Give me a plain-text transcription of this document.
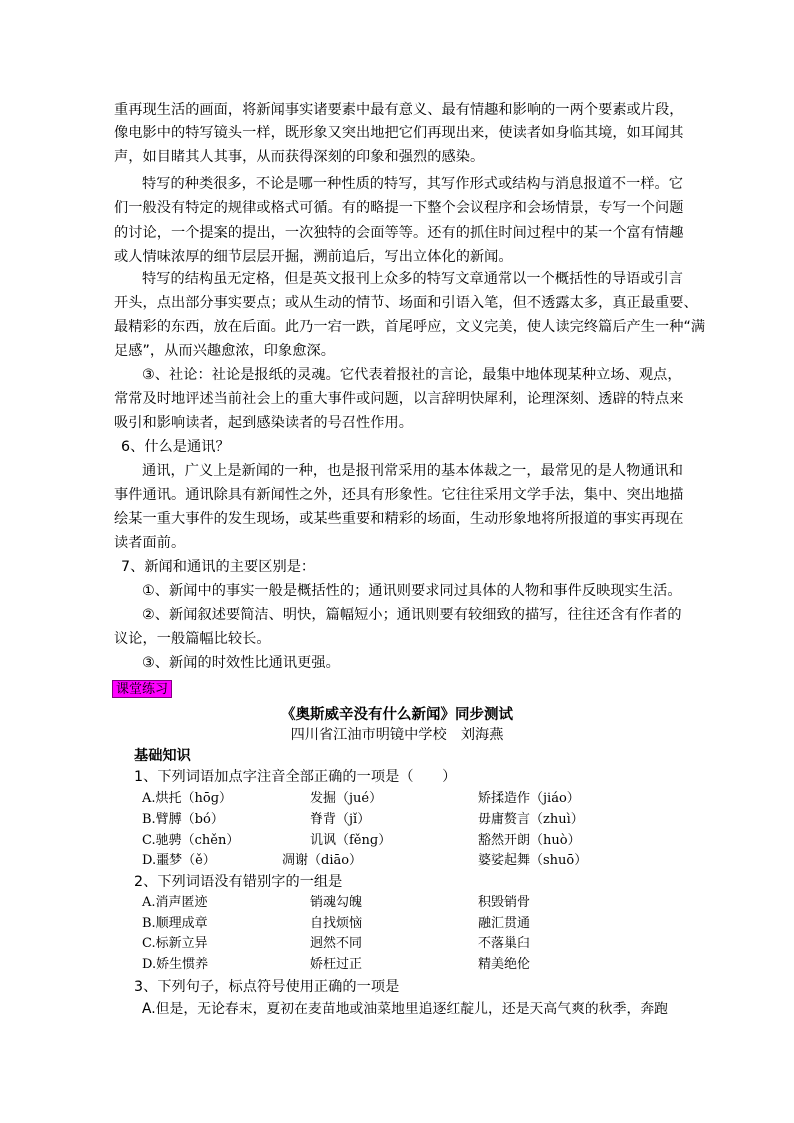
重再现生活的画面，将新闻事实诸要素中最有意义、最有情趣和影响的一两个要素或片段，
像电影中的特写镜头一样，既形象又突出地把它们再现出来，使读者如身临其境，如耳闻其
声，如目睹其人其事，从而获得深刻的印象和强烈的感染。
特写的种类很多，不论是哪一种性质的特写，其写作形式或结构与消息报道不一样。它
们一般没有特定的规律或格式可循。有的略提一下整个会议程序和会场情景，专写一个问题
的讨论，一个提案的提出，一次独特的会面等等。还有的抓住时间过程中的某一个富有情趣
或人情味浓厚的细节层层开掘，溯前追后，写出立体化的新闻。
特写的结构虽无定格，但是英文报刊上众多的特写文章通常以一个概括性的导语或引言
开头，点出部分事实要点；或从生动的情节、场面和引语入笔，但不透露太多，真正最重要、
最精彩的东西，放在后面。此乃一宕一跌，首尾呼应，文义完美，使人读完终篇后产生一种“满
足感”，从而兴趣愈浓，印象愈深。
③、社论：社论是报纸的灵魂。它代表着报社的言论，最集中地体现某种立场、观点，
常常及时地评述当前社会上的重大事件或问题，以言辞明快犀利，论理深刻、透辟的特点来
吸引和影响读者，起到感染读者的号召性作用。
6、什么是通讯？
通讯，广义上是新闻的一种，也是报刊常采用的基本体裁之一，最常见的是人物通讯和
事件通讯。通讯除具有新闻性之外，还具有形象性。它往往采用文学手法，集中、突出地描
绘某一重大事件的发生现场，或某些重要和精彩的场面，生动形象地将所报道的事实再现在
读者面前。
7、新闻和通讯的主要区别是：
①、新闻中的事实一般是概括性的；通讯则要求同过具体的人物和事件反映现实生活。
②、新闻叙述要简洁、明快，篇幅短小；通讯则要有较细致的描写，往往还含有作者的
议论，一般篇幅比较长。
③、新闻的时效性比通讯更强。
课堂练习
《奥斯威辛没有什么新闻》同步测试
四川省江油市明镜中学校　刘海燕
基础知识
1、下列词语加点字注音全部正确的一项是（　　）
A.烘托（hōɡ）	发掘（jué）	矫揉造作（jiáo）
B.臂膊（bó）	脊背（jǐ）	毋庸赘言（zhuì）
C.驰骋（chěn）	讥讽（fěnɡ）	豁然开朗（huò）
D.噩梦（ě）	凋谢（diāo）	婆娑起舞（shuō）
2、下列词语没有错别字的一组是
A.消声匿迹	销魂勾魄	积毁销骨
B.顺理成章	自找烦恼	融汇贯通
C.标新立异	迥然不同	不落巢臼
D.娇生惯养	娇枉过正	精美绝伦
3、下列句子，标点符号使用正确的一项是
A.但是，无论春末，夏初在麦苗地或油菜地里追逐红靛儿，还是天高气爽的秋季，奔跑
